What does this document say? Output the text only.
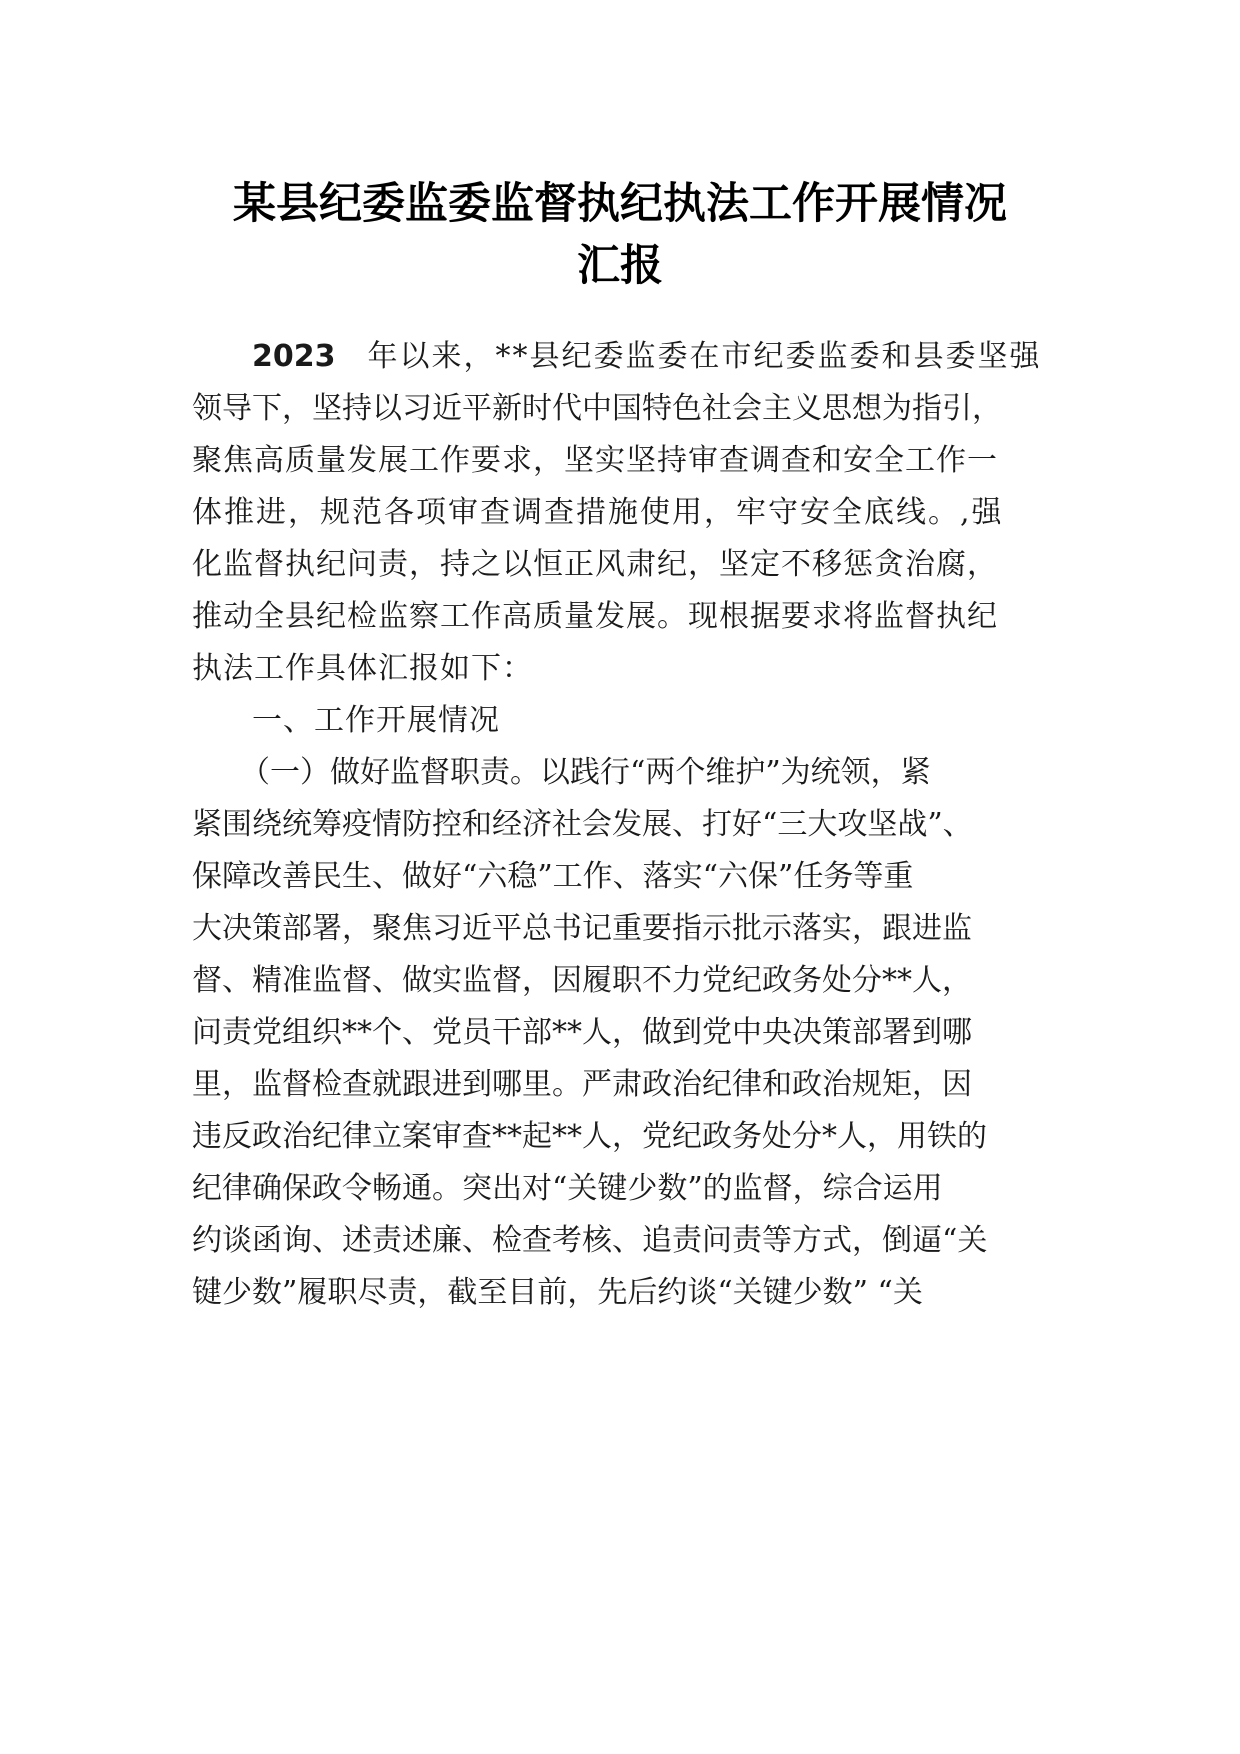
某县纪委监委监督执纪执法工作开展情况
汇报
2023 年以来，**县纪委监委在市纪委监委和县委坚强
领导下，坚持以习近平新时代中国特色社会主义思想为指引，
聚焦高质量发展工作要求，坚实坚持审查调查和安全工作一
体推进，规范各项审查调查措施使用，牢守安全底线。,强
化监督执纪问责，持之以恒正风肃纪，坚定不移惩贪治腐，
推动全县纪检监察工作高质量发展。现根据要求将监督执纪
执法工作具体汇报如下：
一、工作开展情况
（一）做好监督职责。以践行“两个维护”为统领，紧
紧围绕统筹疫情防控和经济社会发展、打好“三大攻坚战”、
保障改善民生、做好“六稳”工作、落实“六保”任务等重
大决策部署，聚焦习近平总书记重要指示批示落实，跟进监
督、精准监督、做实监督，因履职不力党纪政务处分**人，
问责党组织**个、党员干部**人，做到党中央决策部署到哪
里，监督检查就跟进到哪里。严肃政治纪律和政治规矩，因
违反政治纪律立案审查**起**人，党纪政务处分*人，用铁的
纪律确保政令畅通。突出对“关键少数”的监督，综合运用
约谈函询、述责述廉、检查考核、追责问责等方式，倒逼“关
键少数”履职尽责，截至目前，先后约谈“关键少数” “关
